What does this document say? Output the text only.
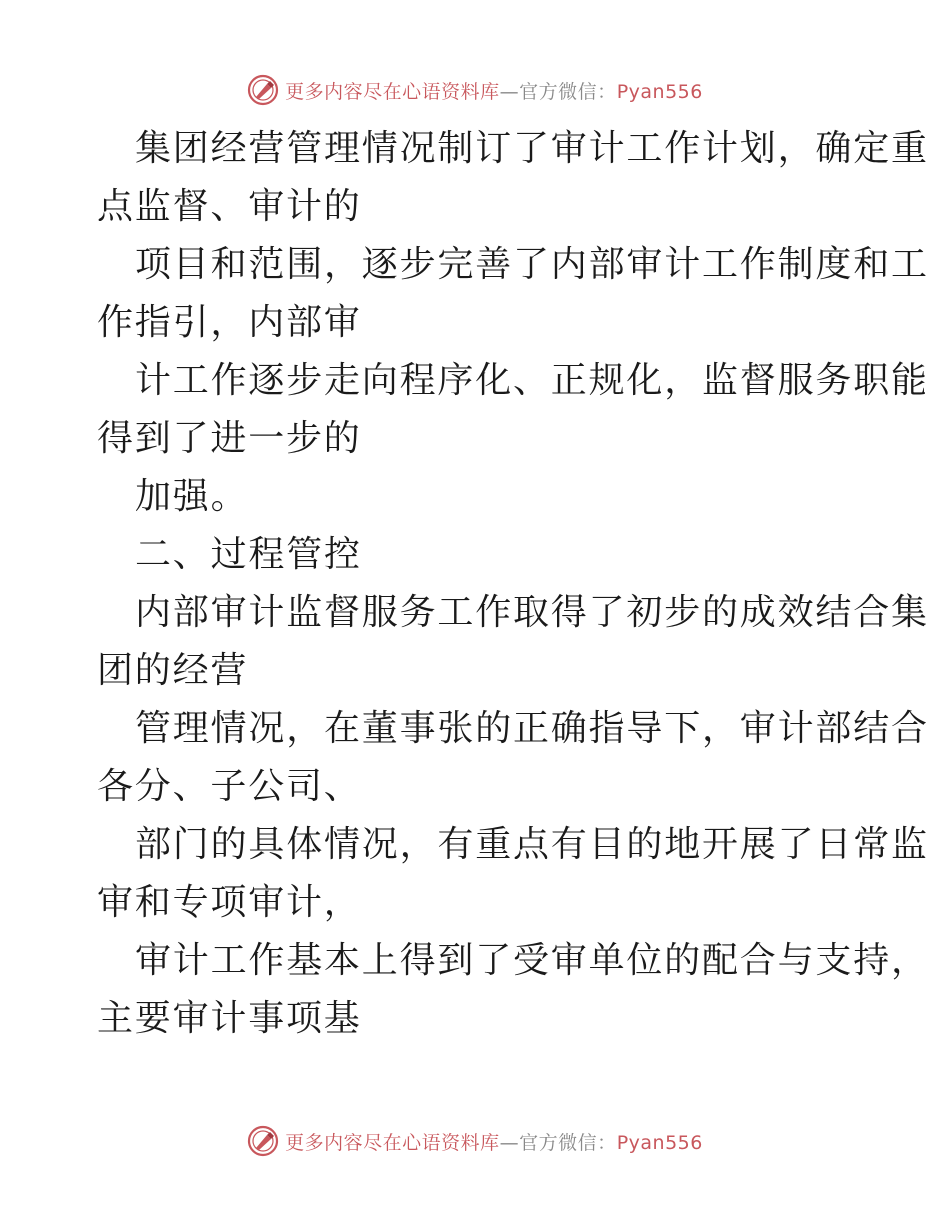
更多内容尽在心语资料库—官方微信：Pyan556
集团经营管理情况制订了审计工作计划，确定重
点监督、审计的
项目和范围，逐步完善了内部审计工作制度和工
作指引，内部审
计工作逐步走向程序化、正规化，监督服务职能
得到了进一步的
加强。
二、过程管控
内部审计监督服务工作取得了初步的成效结合集
团的经营
管理情况，在董事张的正确指导下，审计部结合
各分、子公司、
部门的具体情况，有重点有目的地开展了日常监
审和专项审计，
审计工作基本上得到了受审单位的配合与支持，
主要审计事项基
更多内容尽在心语资料库—官方微信：Pyan556
